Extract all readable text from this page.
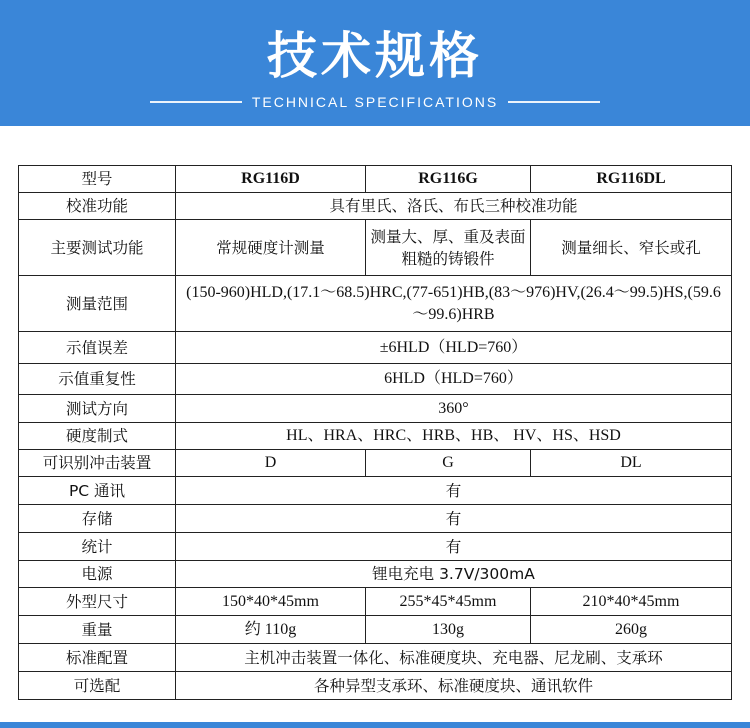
技术规格
TECHNICAL SPECIFICATIONS
型号	RG116D	RG116G	RG116DL
校准功能	具有里氏、洛氏、布氏三种校准功能		
主要测试功能	常规硬度计测量	测量大、厚、重及表面粗糙的铸锻件	测量细长、窄长或孔
测量范围	(150-960)HLD,(17.1～68.5)HRC,(77-651)HB,(83～976)HV,(26.4～99.5)HS,(59.6～99.6)HRB		
示值误差	±6HLD（HLD=760）		
示值重复性	6HLD（HLD=760）		
测试方向	360°		
硬度制式	HL、HRA、HRC、HRB、HB、 HV、HS、HSD		
可识别冲击装置	D	G	DL
PC 通讯	有		
存储	有		
统计	有		
电源	锂电充电 3.7V/300mA		
外型尺寸	150*40*45mm	255*45*45mm	210*40*45mm
重量	约 110g	130g	260g
标准配置	主机冲击装置一体化、标准硬度块、充电器、尼龙刷、支承环		
可选配	各种异型支承环、标准硬度块、通讯软件		
